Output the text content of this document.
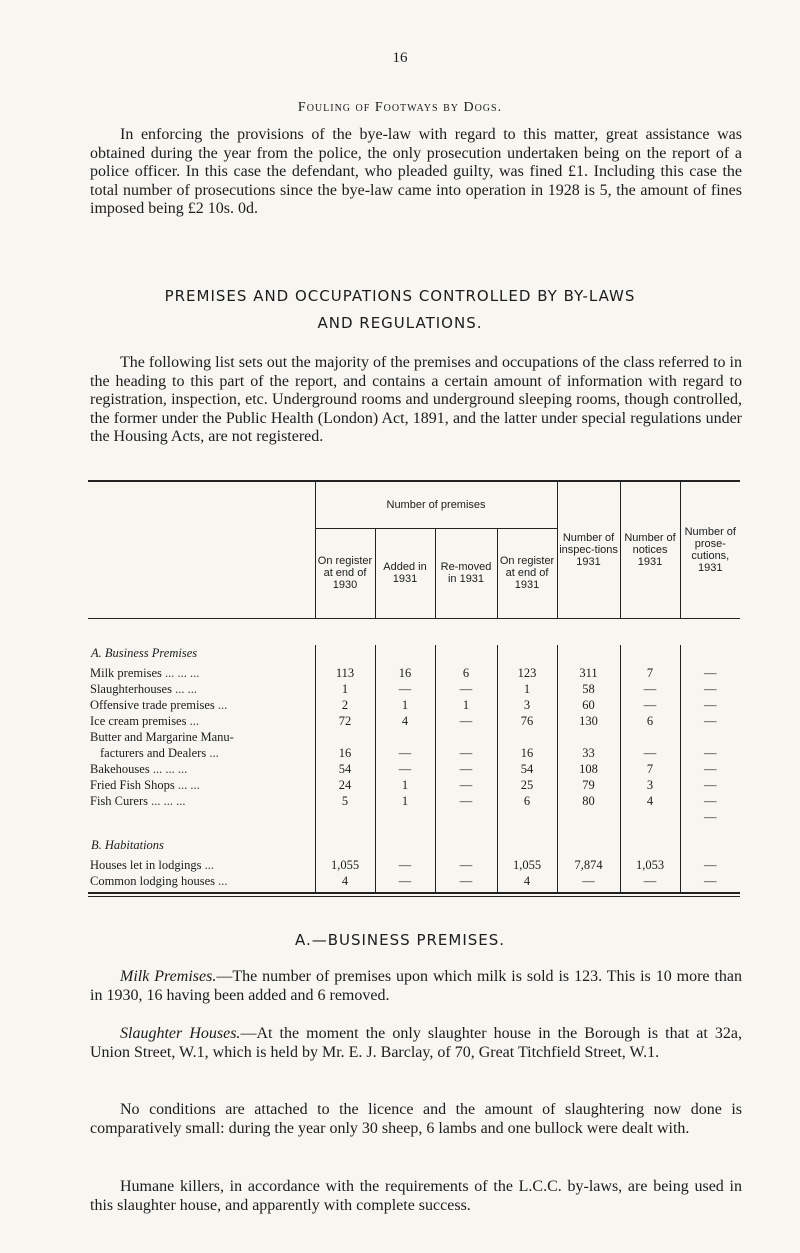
16
Fouling of Footways by Dogs.

In enforcing the provisions of the bye-law with regard to this matter, great assistance was obtained during the year from the police, the only prosecution undertaken being on the report of a police officer. In this case the defendant, who pleaded guilty, was fined £1. Including this case the total number of prosecutions since the bye-law came into operation in 1928 is 5, the amount of fines imposed being £2 10s. 0d.

PREMISES AND OCCUPATIONS CONTROLLED BY BY-LAWS
AND REGULATIONS.

The following list sets out the majority of the premises and occupations of the class referred to in the heading to this part of the report, and contains a certain amount of information with regard to registration, inspection, etc. Underground rooms and underground sleeping rooms, though controlled, the former under the Public Health (London) Act, 1891, and the latter under special regulations under the Housing Acts, are not registered.

	Number of premises				Number of inspec-tions 1931	Number of notices 1931	Number of prose-cutions, 1931
	On register at end of 1930	Added in 1931	Re-moved in 1931	On register at end of 1931			

A. Business Premises							

Milk premises ... ... ...	113	16	6	123	311	7	—
Slaughterhouses ... ...	1	—	—	1	58	—	—
Offensive trade premises ...	2	1	1	3	60	—	—
Ice cream premises ...	72	4	—	76	130	6	—
Butter and Margarine Manu-							
facturers and Dealers ...	16	—	—	16	33	—	—
Bakehouses ... ... ...	54	—	—	54	108	7	—
Fried Fish Shops ... ...	24	1	—	25	79	3	—
Fish Curers ... ... ...	5	1	—	6	80	4	—
							—

B. Habitations							

Houses let in lodgings ...	1,055	—	—	1,055	7,874	1,053	—
Common lodging houses ...	4	—	—	4	—	—	—

A.—BUSINESS PREMISES.

Milk Premises.—The number of premises upon which milk is sold is 123. This is 10 more than in 1930, 16 having been added and 6 removed.

Slaughter Houses.—At the moment the only slaughter house in the Borough is that at 32a, Union Street, W.1, which is held by Mr. E. J. Barclay, of 70, Great Titchfield Street, W.1.

No conditions are attached to the licence and the amount of slaughtering now done is comparatively small: during the year only 30 sheep, 6 lambs and one bullock were dealt with.

Humane killers, in accordance with the requirements of the L.C.C. by-laws, are being used in this slaughter house, and apparently with complete success.
